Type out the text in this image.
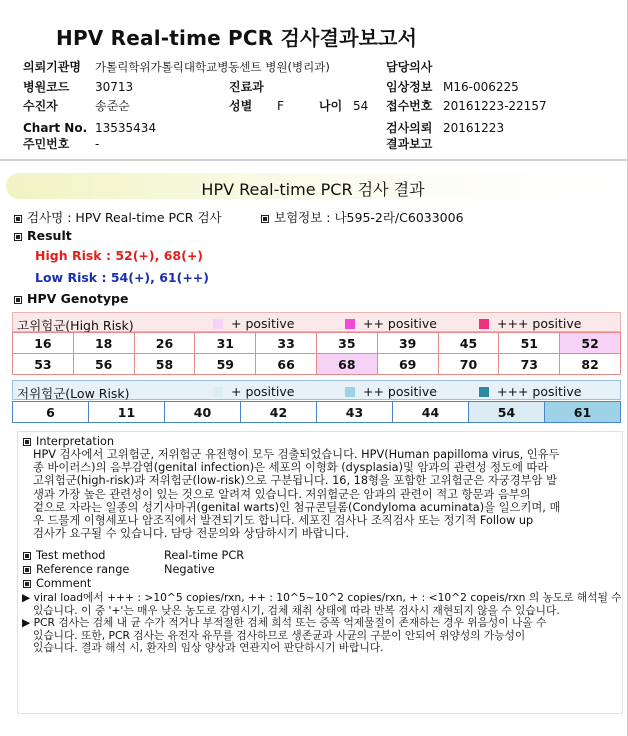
HPV Real-time PCR 검사결과보고서
의뢰기관명 가톨릭학위가톨릭대학교병동센트 병원(병리과)
병원코드 30713
수진자	송준순
Chart No. 13535434
주민번호 -
진료과
성별 F	나이 54
담당의사
임상정보 M16-006225
접수번호 20161223-22157
검사의뢰 20161223
결과보고
HPV Real-time PCR 검사 결과
검사명 : HPV Real-time PCR 검사	보험정보 : 나595-2라/C6033006
Result
High Risk : 52(+), 68(+)
Low Risk : 54(+), 61(++)
HPV Genotype
고위험군(High Risk)	+ positive	++ positive	+++ positive
16	18	26	31	33	35	39	45	51	52
53	56	58	59	66	68	69	70	73	82
저위험군(Low Risk)	+ positive	++ positive	+++ positive
6	11	40	42	43	44	54	61
Interpretation
HPV 검사에서 고위험군, 저위험군 유전형이 모두 검출되었습니다. HPV(Human papilloma virus, 인유두
종 바이러스)의 음부감염(genital infection)은 세포의 이형화 (dysplasia)및 암과의 관련성 정도에 따라
고위험군(high-risk)과 저위험군(low-risk)으로 구분됩니다. 16, 18형을 포함한 고위험군은 자궁경부암 발
생과 가장 높은 관련성이 있는 것으로 알려져 있습니다. 저위험군은 암과의 관련이 적고 항문과 음부의
겉으로 자라는 일종의 성기사마귀(genital warts)인 첨규콘딜롬(Condyloma acuminata)을 일으키며, 매
우 드물게 이형세포나 암조직에서 발견되기도 합니다. 세포진 검사나 조직검사 또는 정기적 Follow up
검사가 요구될 수 있습니다. 담당 전문의와 상담하시기 바랍니다.
Test method	Real-time PCR
Reference range	Negative
Comment
▶ viral load에서 +++ : >10^5 copies/rxn, ++ : 10^5~10^2 copies/rxn, + : <10^2 copeis/rxn 의 농도로 해석될 수
있습니다. 이 중 '+'는 매우 낮은 농도로 감염시기, 검체 채취 상태에 따라 반복 검사시 재현되지 않을 수 있습니다.
▶ PCR 검사는 검체 내 균 수가 적거나 부적절한 검체 희석 또는 증폭 억제물질이 존재하는 경우 위음성이 나올 수
있습니다. 또한, PCR 검사는 유전자 유무를 검사하므로 생존균과 사균의 구분이 안되어 위양성의 가능성이
있습니다. 결과 해석 시, 환자의 임상 양상과 연관지어 판단하시기 바랍니다.
